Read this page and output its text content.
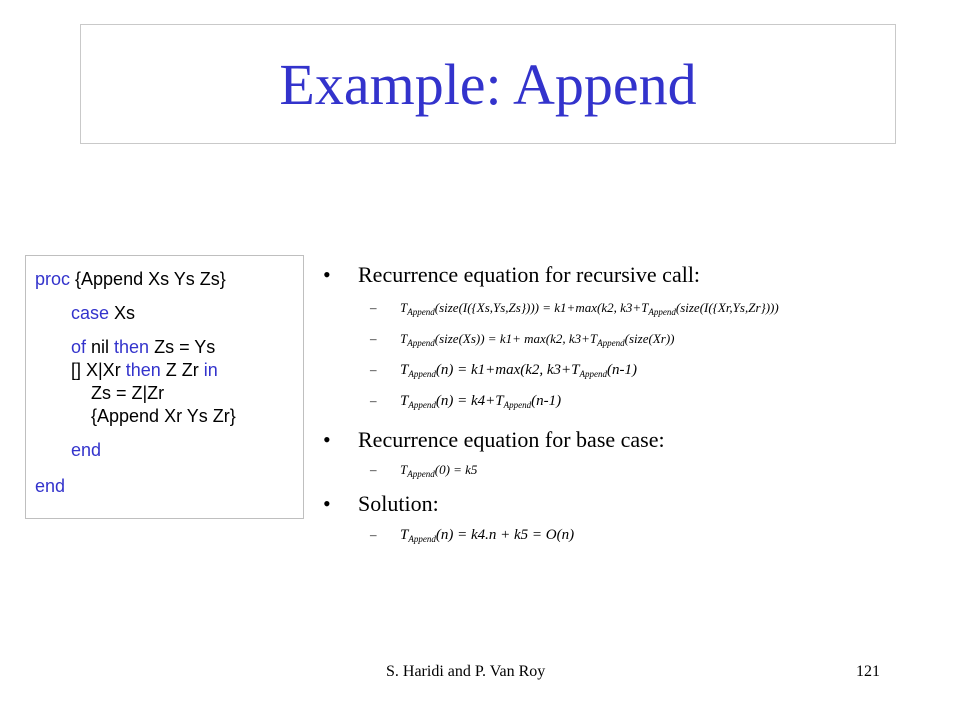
Example: Append
proc {Append Xs Ys Zs}
case Xs
of nil then Zs = Ys
[] X|Xr then Z Zr in
Zs = Z|Zr
{Append Xr Ys Zr}
end
end
• Recurrence equation for recursive call:
– $T_{Append}(size(I(\{Xs,Ys,Zs\}))) = k1+\max(k2$, $k3+T_{Append}(size(I(\{Xr,Ys,Zr\})))$
– $T_{Append}(size(Xs)) = k1+ \max(k2$, $k3+T_{Append}(size(Xr))$
– $T_{Append}(n) = k1+\max(k2$, $k3+T_{Append}(n-1)$
– $T_{Append}(n) = k4+T_{Append}(n-1)$
• Recurrence equation for base case:
– $T_{Append}(0) = k5$
• Solution:
– $T_{Append}(n) = k4.n + k5 = O(n)$
S. Haridi and P. Van Roy	121
